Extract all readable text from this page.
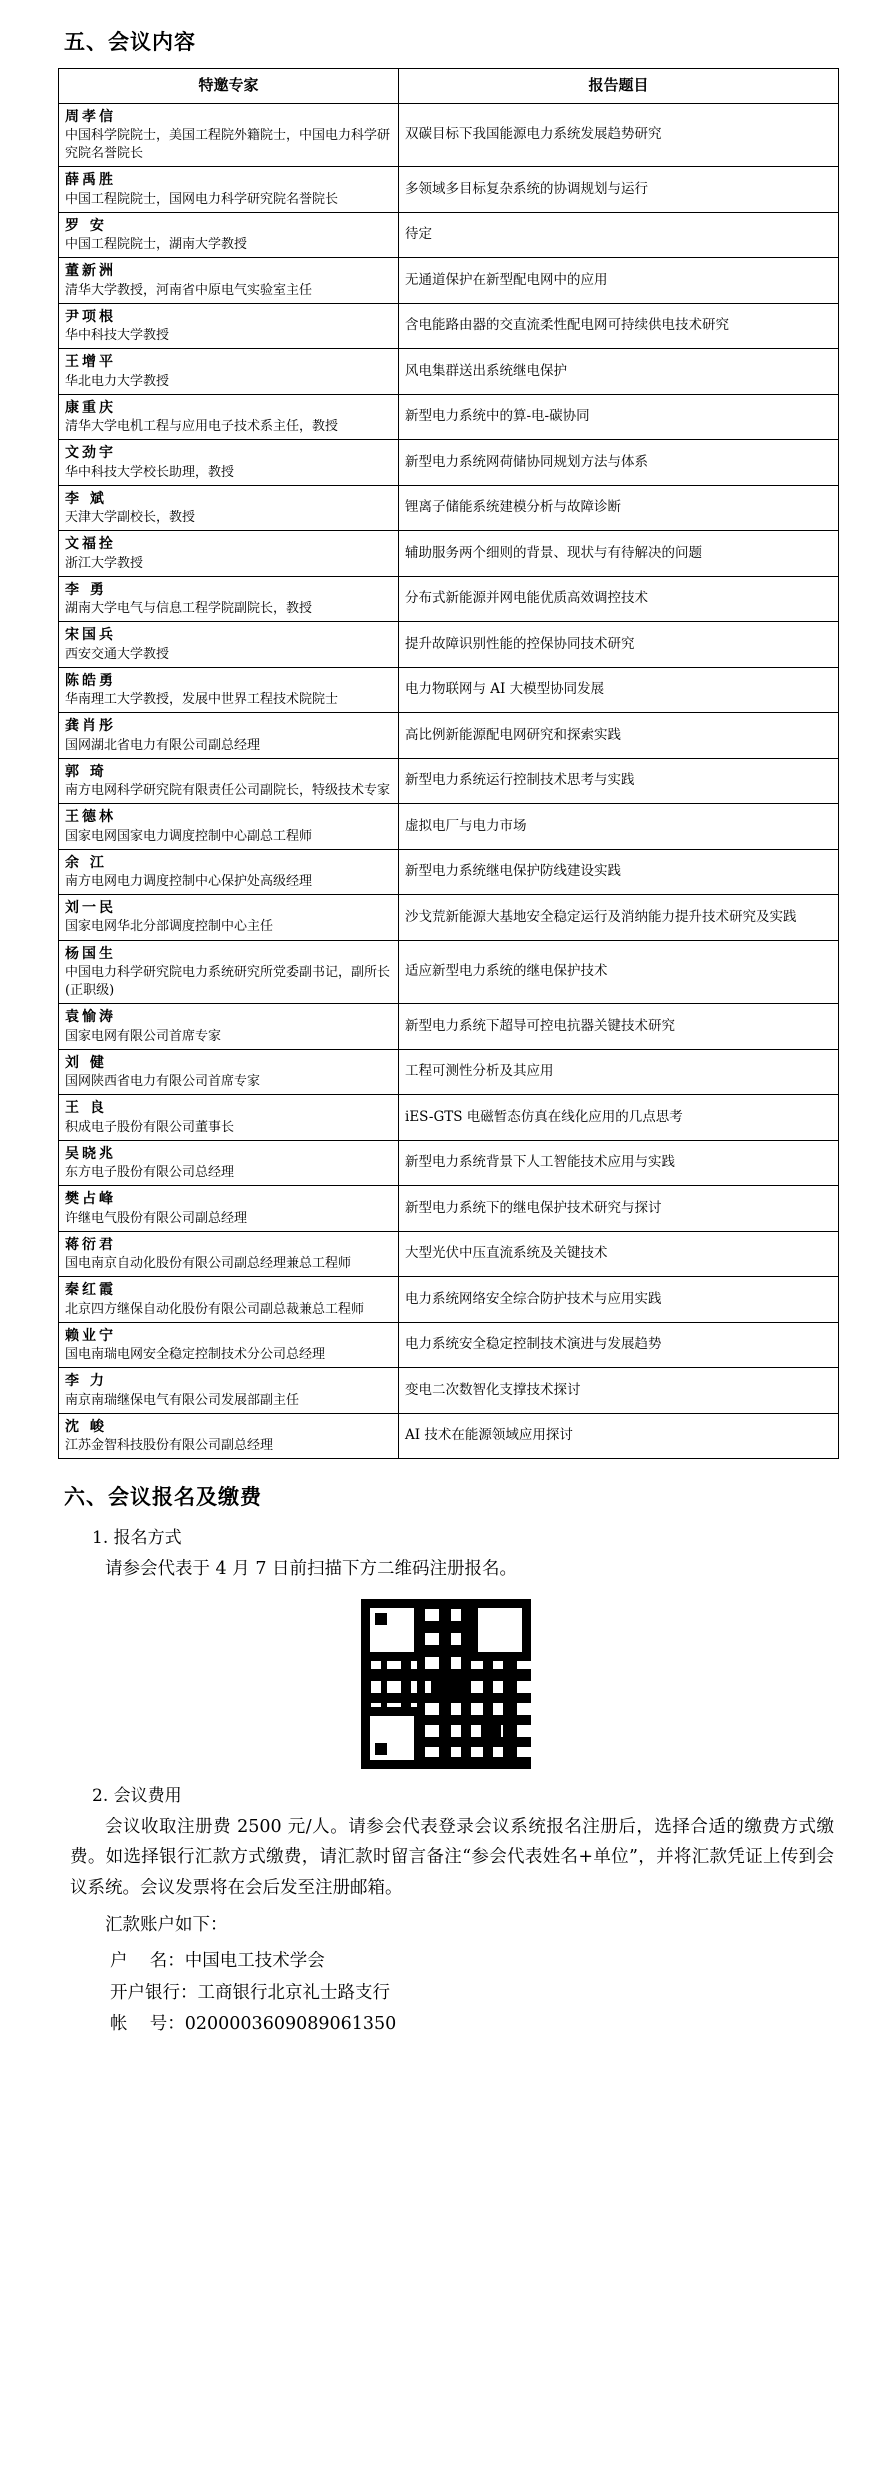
五、会议内容
特邀专家	报告题目

周孝信
中国科学院院士，美国工程院外籍院士，中国电力科学研究院名誉院长	双碳目标下我国能源电力系统发展趋势研究

薛禹胜
中国工程院院士，国网电力科学研究院名誉院长	多领域多目标复杂系统的协调规划与运行

罗 安
中国工程院院士，湖南大学教授	待定

董新洲
清华大学教授，河南省中原电气实验室主任	无通道保护在新型配电网中的应用

尹项根
华中科技大学教授	含电能路由器的交直流柔性配电网可持续供电技术研究

王增平
华北电力大学教授	风电集群送出系统继电保护

康重庆
清华大学电机工程与应用电子技术系主任，教授	新型电力系统中的算-电-碳协同

文劲宇
华中科技大学校长助理，教授	新型电力系统网荷储协同规划方法与体系

李 斌
天津大学副校长，教授	锂离子储能系统建模分析与故障诊断

文福拴
浙江大学教授	辅助服务两个细则的背景、现状与有待解决的问题

李 勇
湖南大学电气与信息工程学院副院长，教授	分布式新能源并网电能优质高效调控技术

宋国兵
西安交通大学教授	提升故障识别性能的控保协同技术研究

陈皓勇
华南理工大学教授，发展中世界工程技术院院士	电力物联网与 AI 大模型协同发展

龚肖彤
国网湖北省电力有限公司副总经理	高比例新能源配电网研究和探索实践

郭 琦
南方电网科学研究院有限责任公司副院长，特级技术专家	新型电力系统运行控制技术思考与实践

王德林
国家电网国家电力调度控制中心副总工程师	虚拟电厂与电力市场

余 江
南方电网电力调度控制中心保护处高级经理	新型电力系统继电保护防线建设实践

刘一民
国家电网华北分部调度控制中心主任	沙戈荒新能源大基地安全稳定运行及消纳能力提升技术研究及实践

杨国生
中国电力科学研究院电力系统研究所党委副书记，副所长(正职级)	适应新型电力系统的继电保护技术

袁愉涛
国家电网有限公司首席专家	新型电力系统下超导可控电抗器关键技术研究

刘 健
国网陕西省电力有限公司首席专家	工程可测性分析及其应用

王 良
积成电子股份有限公司董事长	iES-GTS 电磁暂态仿真在线化应用的几点思考

吴晓兆
东方电子股份有限公司总经理	新型电力系统背景下人工智能技术应用与实践

樊占峰
许继电气股份有限公司副总经理	新型电力系统下的继电保护技术研究与探讨

蒋衍君
国电南京自动化股份有限公司副总经理兼总工程师	大型光伏中压直流系统及关键技术

秦红霞
北京四方继保自动化股份有限公司副总裁兼总工程师	电力系统网络安全综合防护技术与应用实践

赖业宁
国电南瑞电网安全稳定控制技术分公司总经理	电力系统安全稳定控制技术演进与发展趋势

李 力
南京南瑞继保电气有限公司发展部副主任	变电二次数智化支撑技术探讨

沈 峻
江苏金智科技股份有限公司副总经理	AI 技术在能源领域应用探讨
六、会议报名及缴费
1. 报名方式
请参会代表于 4 月 7 日前扫描下方二维码注册报名。
2. 会议费用
会议收取注册费 2500 元/人。请参会代表登录会议系统报名注册后，选择合适的缴费方式缴费。如选择银行汇款方式缴费，请汇款时留言备注“参会代表姓名+单位”，并将汇款凭证上传到会议系统。会议发票将在会后发至注册邮箱。
汇款账户如下：
户    名：中国电工技术学会
开户银行：工商银行北京礼士路支行
帐    号：0200003609089061350
